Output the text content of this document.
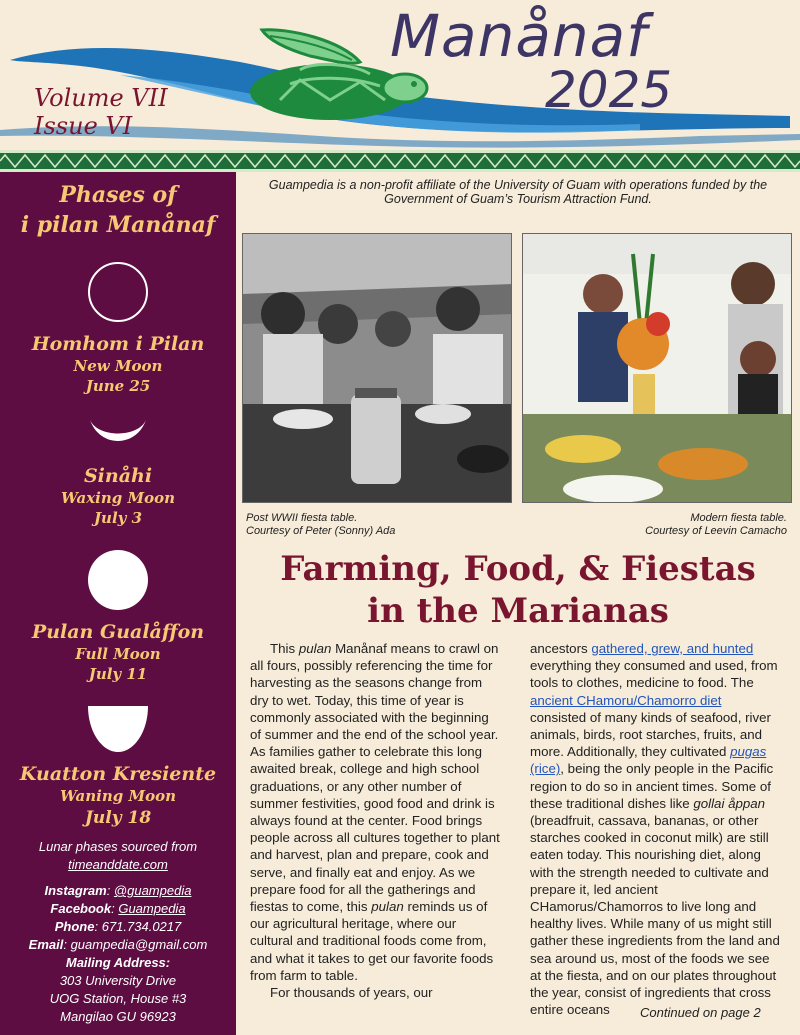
Manånaf
2025
Volume VII
Issue VI
Phases of
i pilan Manånaf
Homhom i Pilan
New Moon
June 25
Sinåhi
Waxing Moon
July 3
Pulan Gualåffon
Full Moon
July 11
Kuatton Kresiente
Waning Moon
July 18
Lunar phases sourced from
timeanddate.com
Instagram: @guampedia
Facebook: Guampedia
Phone: 671.734.0217
Email: guampedia@gmail.com
Mailing Address:
303 University Drive
UOG Station, House #3
Mangilao GU 96923
Guampedia is a non-profit affiliate of the University of Guam with operations funded by the Government of Guam’s Tourism Attraction Fund.
Post WWII fiesta table.
Courtesy of Peter (Sonny) Ada
Modern fiesta table.
Courtesy of Leevin Camacho
Farming, Food, & Fiestas
in the Marianas

This pulan Manånaf means to crawl on all fours, possibly referencing the time for harvesting as the seasons change from dry to wet. Today, this time of year is commonly associated with the beginning of summer and the end of the school year. As families gather to celebrate this long awaited break, college and high school graduations, or any other number of summer festivities, good food and drink is always found at the center. Food brings people across all cultures together to plant and harvest, plan and prepare, cook and serve, and finally eat and enjoy. As we prepare food for all the gatherings and fiestas to come, this pulan reminds us of our agricultural heritage, where our cultural and traditional foods come from, and what it takes to get our favorite foods from farm to table.

For thousands of years, our

ancestors gathered, grew, and hunted everything they consumed and used, from tools to clothes, medicine to food. The ancient CHamoru/Chamorro diet consisted of many kinds of seafood, river animals, birds, root starches, fruits, and more. Additionally, they cultivated pugas (rice), being the only people in the Pacific region to do so in ancient times. Some of these traditional dishes like gollai åppan (breadfruit, cassava, bananas, or other starches cooked in coconut milk) are still eaten today. This nourishing diet, along with the strength needed to cultivate and prepare it, led ancient CHamorus/Chamorros to live long and healthy lives. While many of us might still gather these ingredients from the land and sea around us, most of the foods we see at the fiesta, and on our plates throughout the year, consist of ingredients that cross entire oceans	Continued on page 2
